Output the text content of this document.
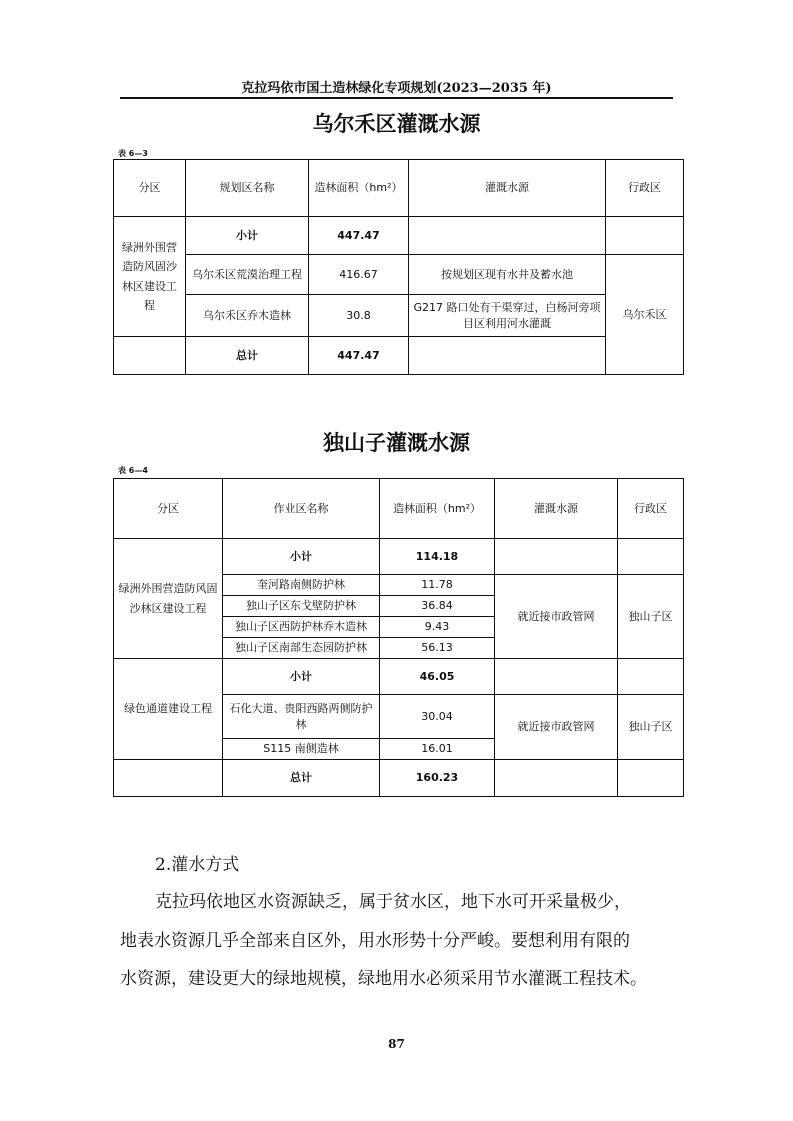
克拉玛依市国土造林绿化专项规划(2023—2035 年)
乌尔禾区灌溉水源
表 6—3
分区	规划区名称	造林面积（hm²）	灌溉水源	行政区
绿洲外围营造防风固沙林区建设工程	小计	447.47		
	乌尔禾区荒漠治理工程	416.67	按规划区现有水井及蓄水池	乌尔禾区
	乌尔禾区乔木造林	30.8	G217 路口处有干渠穿过，白杨河旁项目区利用河水灌溉	
	总计	447.47		
独山子灌溉水源
表 6—4
分区	作业区名称	造林面积（hm²）	灌溉水源	行政区
绿洲外围营造防风固沙林区建设工程	小计	114.18		
	奎河路南侧防护林	11.78	就近接市政管网	独山子区
	独山子区东戈壁防护林	36.84		
	独山子区西防护林乔木造林	9.43		
	独山子区南部生态园防护林	56.13		
绿色通道建设工程	小计	46.05		
	石化大道、贵阳西路两侧防护林	30.04	就近接市政管网	独山子区
	S115 南侧造林	16.01		
	总计	160.23		
2.灌水方式
克拉玛依地区水资源缺乏，属于贫水区，地下水可开采量极少，
地表水资源几乎全部来自区外，用水形势十分严峻。要想利用有限的
水资源，建设更大的绿地规模，绿地用水必须采用节水灌溉工程技术。
87
